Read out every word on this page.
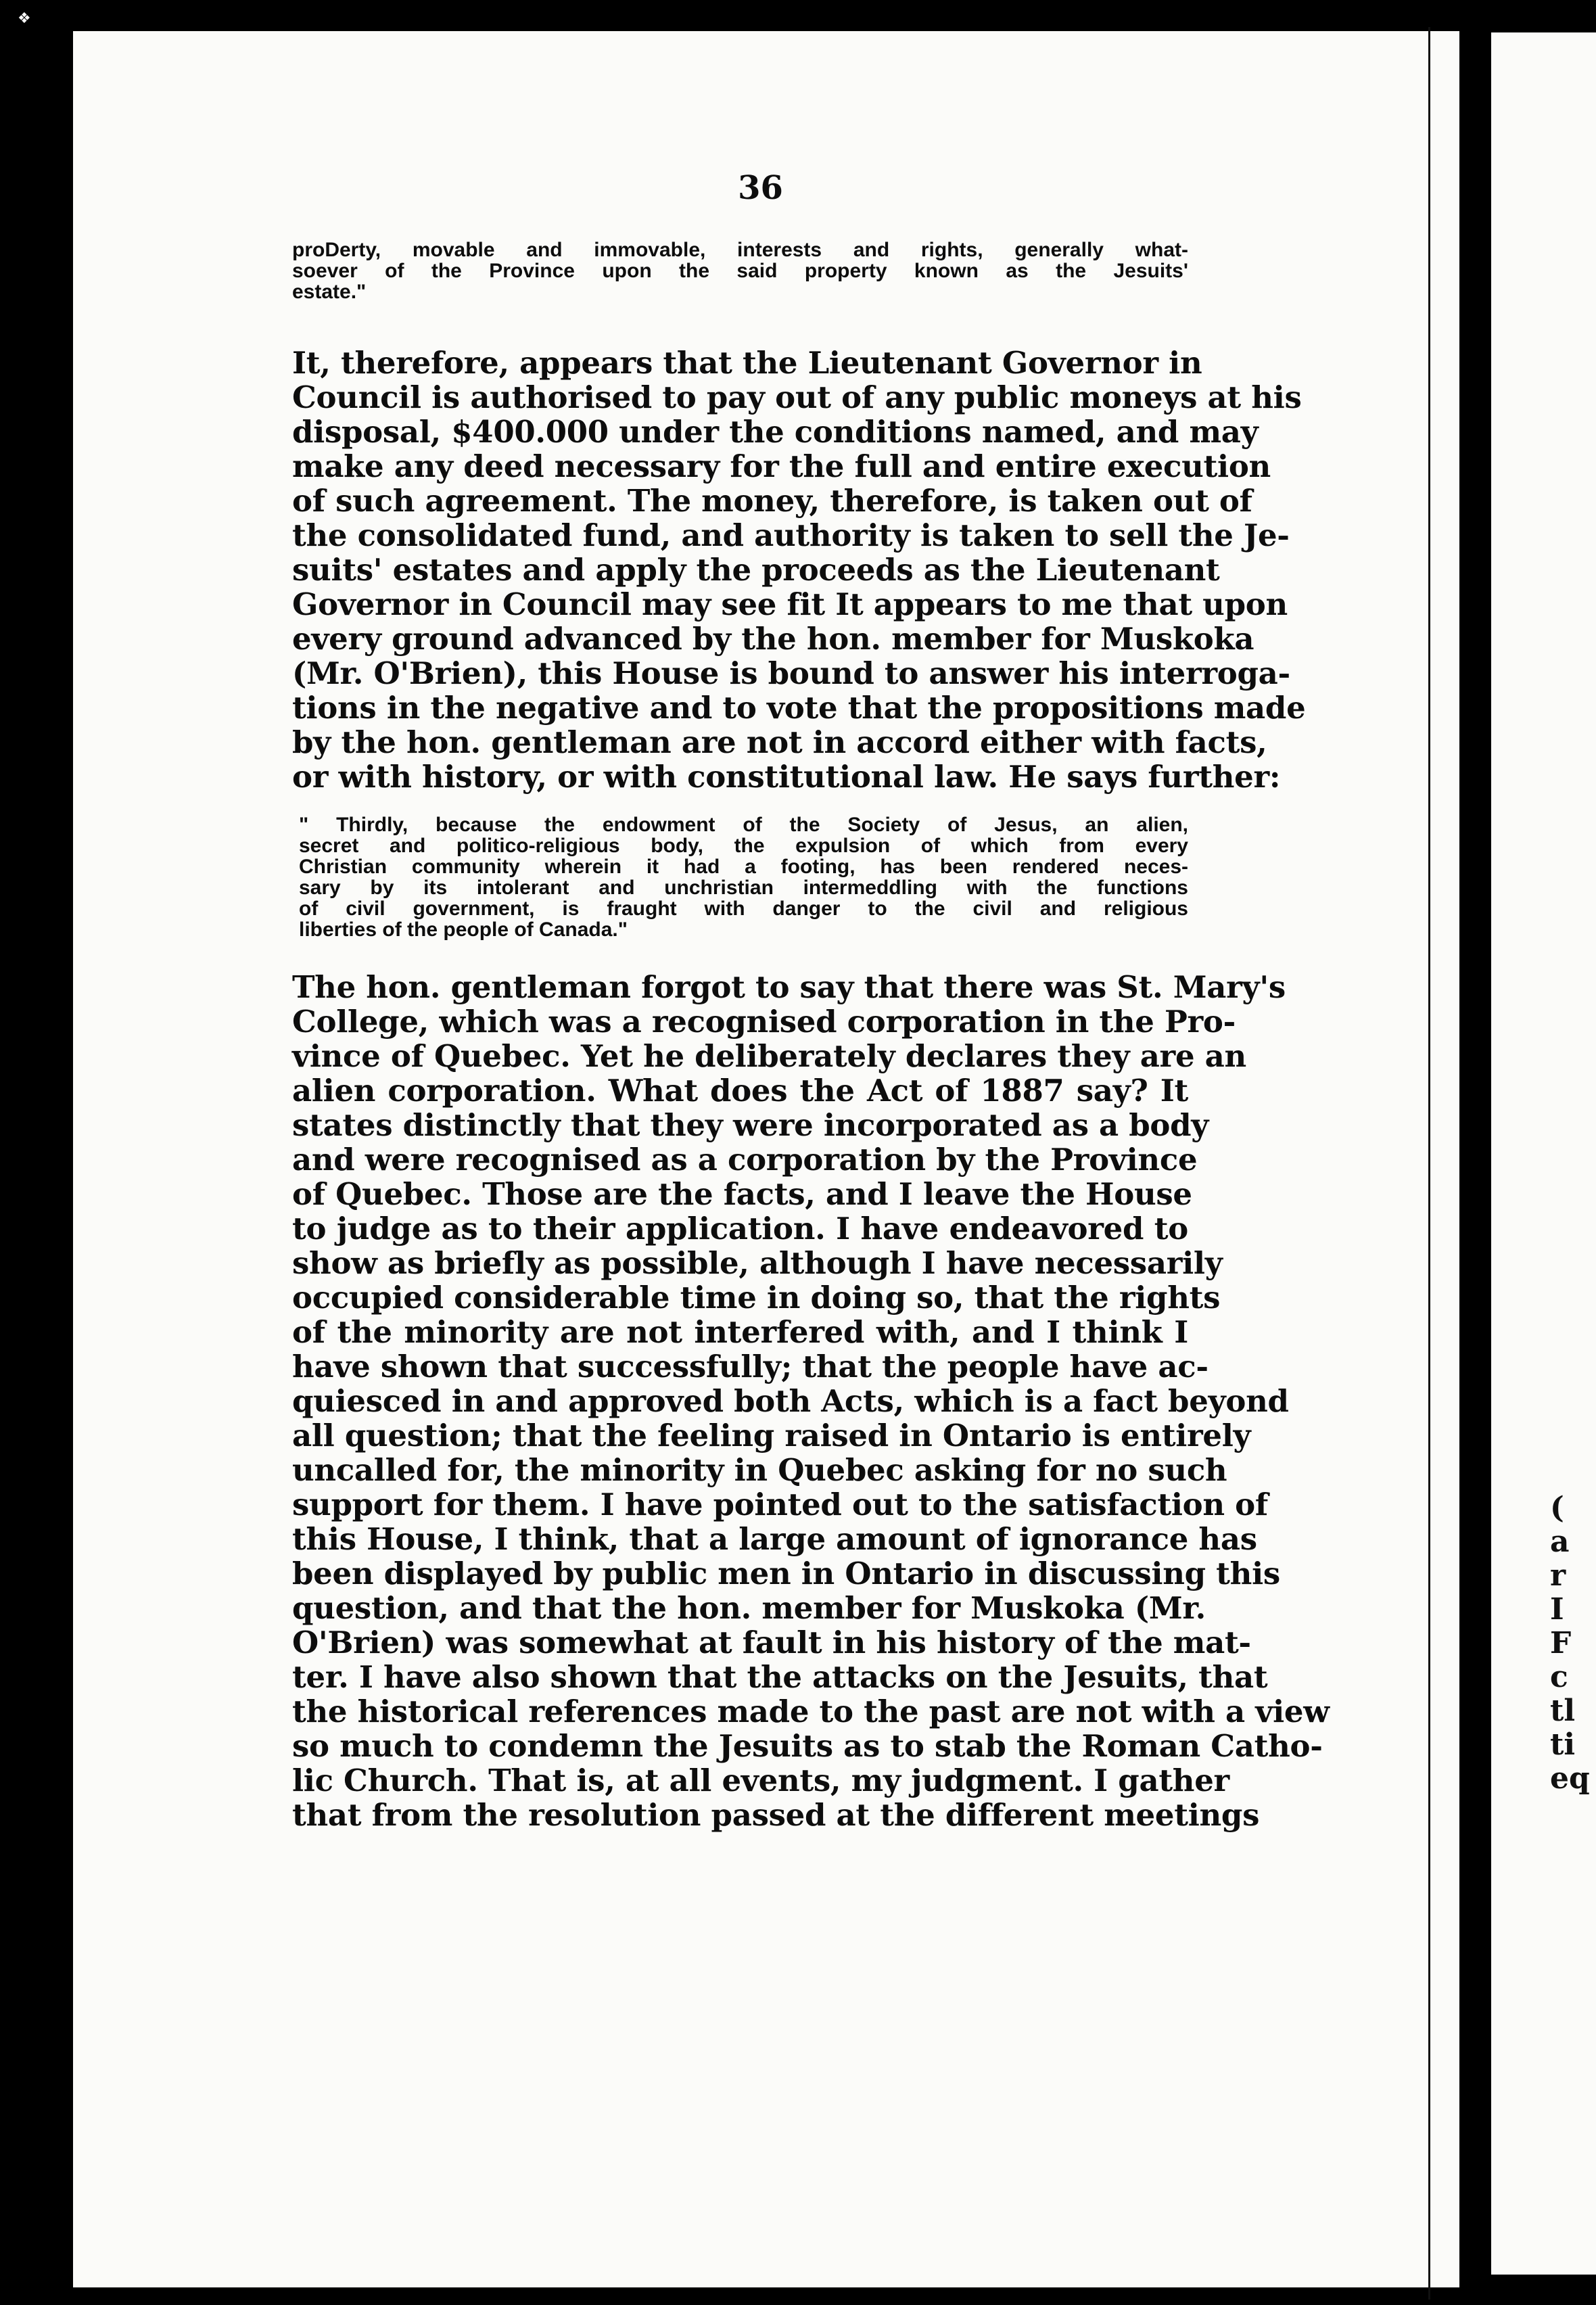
❖
36
proDerty, movable and immovable, interests and rights, generally what-
soever of the Province upon the said property known as the Jesuits'
estate."
It, therefore, appears that the Lieutenant Governor in
Council is authorised to pay out of any public moneys at his
disposal, $400.000 under the conditions named, and may
make any deed necessary for the full and entire execution
of such agreement. The money, therefore, is taken out of
the consolidated fund, and authority is taken to sell the Je-
suits' estates and apply the proceeds as the Lieutenant
Governor in Council may see fit It appears to me that upon
every ground advanced by the hon. member for Muskoka
(Mr. O'Brien), this House is bound to answer his interroga-
tions in the negative and to vote that the propositions made
by the hon. gentleman are not in accord either with facts,
or with history, or with constitutional law. He says further:
" Thirdly, because the endowment of the Society of Jesus, an alien,
secret and politico-religious body, the expulsion of which from every
Christian community wherein it had a footing, has been rendered neces-
sary by its intolerant and unchristian intermeddling with the functions
of civil government, is fraught with danger to the civil and religious
liberties of the people of Canada."
The hon. gentleman forgot to say that there was St. Mary's
College, which was a recognised corporation in the Pro-
vince of Quebec. Yet he deliberately declares they are an
alien corporation. What does the Act of 1887 say? It
states distinctly that they were incorporated as a body
and were recognised as a corporation by the Province
of Quebec. Those are the facts, and I leave the House
to judge as to their application. I have endeavored to
show as briefly as possible, although I have necessarily
occupied considerable time in doing so, that the rights
of the minority are not interfered with, and I think I
have shown that successfully; that the people have ac-
quiesced in and approved both Acts, which is a fact beyond
all question; that the feeling raised in Ontario is entirely
uncalled for, the minority in Quebec asking for no such
support for them. I have pointed out to the satisfaction of
this House, I think, that a large amount of ignorance has
been displayed by public men in Ontario in discussing this
question, and that the hon. member for Muskoka (Mr.
O'Brien) was somewhat at fault in his history of the mat-
ter. I have also shown that the attacks on the Jesuits, that
the historical references made to the past are not with a view
so much to condemn the Jesuits as to stab the Roman Catho-
lic Church. That is, at all events, my judgment. I gather
that from the resolution passed at the different meetings
(
a
r
I
F
c
tl
ti
eq
